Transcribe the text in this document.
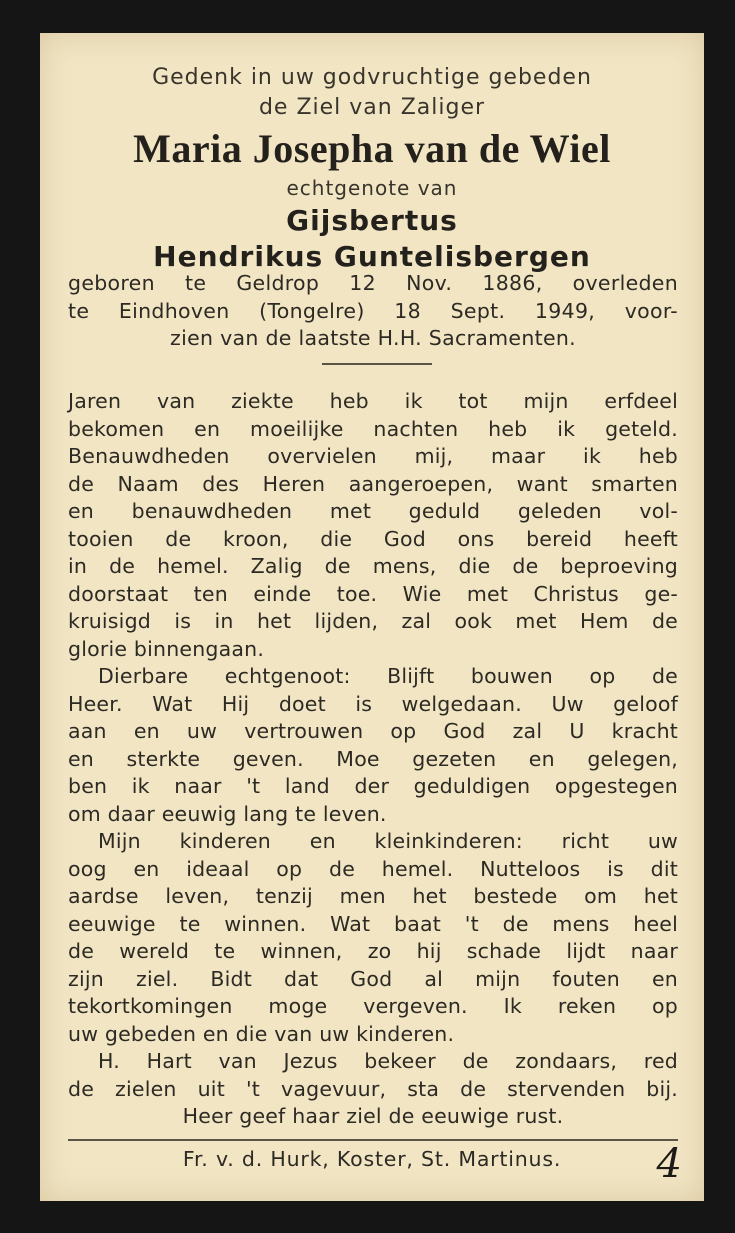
Gedenk in uw godvruchtige gebeden
de Ziel van Zaliger
Maria Josepha van de Wiel
echtgenote van
Gijsbertus
Hendrikus Guntelisbergen
geboren te Geldrop 12 Nov. 1886, overleden
te Eindhoven (Tongelre) 18 Sept. 1949, voor-
zien van de laatste H.H. Sacramenten.
Jaren van ziekte heb ik tot mijn erfdeel
bekomen en moeilijke nachten heb ik geteld.
Benauwdheden overvielen mij, maar ik heb
de Naam des Heren aangeroepen, want smarten
en benauwdheden met geduld geleden vol-
tooien de kroon, die God ons bereid heeft
in de hemel. Zalig de mens, die de beproeving
doorstaat ten einde toe. Wie met Christus ge-
kruisigd is in het lijden, zal ook met Hem de
glorie binnengaan.
Dierbare echtgenoot: Blijft bouwen op de
Heer. Wat Hij doet is welgedaan. Uw geloof
aan en uw vertrouwen op God zal U kracht
en sterkte geven. Moe gezeten en gelegen,
ben ik naar 't land der geduldigen opgestegen
om daar eeuwig lang te leven.
Mijn kinderen en kleinkinderen: richt uw
oog en ideaal op de hemel. Nutteloos is dit
aardse leven, tenzij men het bestede om het
eeuwige te winnen. Wat baat 't de mens heel
de wereld te winnen, zo hij schade lijdt naar
zijn ziel. Bidt dat God al mijn fouten en
tekortkomingen moge vergeven. Ik reken op
uw gebeden en die van uw kinderen.
H. Hart van Jezus bekeer de zondaars, red
de zielen uit 't vagevuur, sta de stervenden bij.
Heer geef haar ziel de eeuwige rust.
Fr. v. d. Hurk, Koster, St. Martinus.	4
